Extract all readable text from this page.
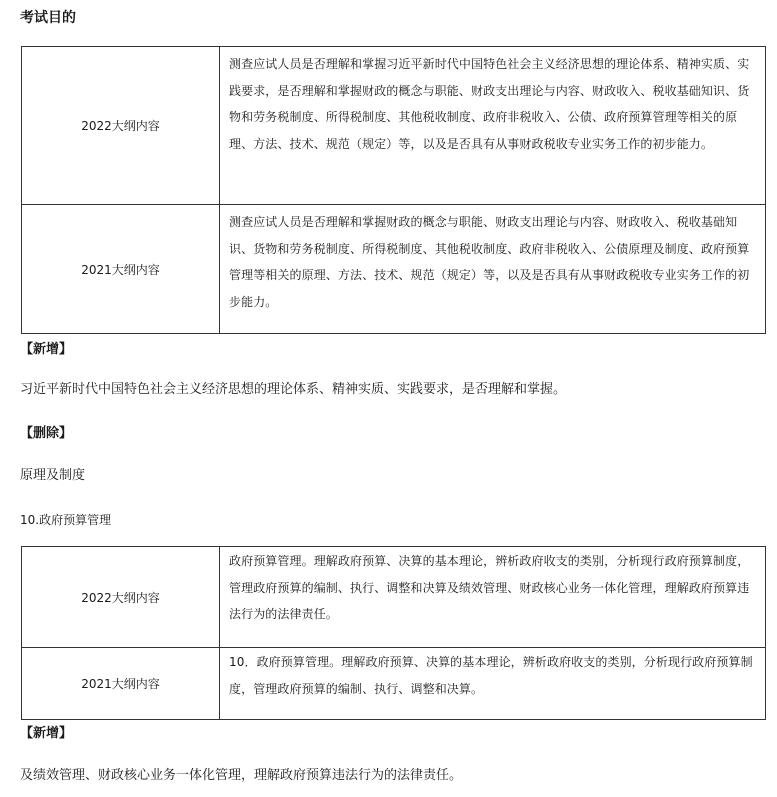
考试目的
2022大纲内容	测查应试人员是否理解和掌握习近平新时代中国特色社会主义经济思想的理论体系、精神实质、实践要求，是否理解和掌握财政的概念与职能、财政支出理论与内容、财政收入、税收基础知识、货物和劳务税制度、所得税制度、其他税收制度、政府非税收入、公债、政府预算管理等相关的原理、方法、技术、规范（规定）等，以及是否具有从事财政税收专业实务工作的初步能力。
2021大纲内容	测查应试人员是否理解和掌握财政的概念与职能、财政支出理论与内容、财政收入、税收基础知识、货物和劳务税制度、所得税制度、其他税收制度、政府非税收入、公债原理及制度、政府预算管理等相关的原理、方法、技术、规范（规定）等，以及是否具有从事财政税收专业实务工作的初步能力。
【新增】
习近平新时代中国特色社会主义经济思想的理论体系、精神实质、实践要求，是否理解和掌握。
【删除】
原理及制度
10.政府预算管理
2022大纲内容	政府预算管理。理解政府预算、决算的基本理论，辨析政府收支的类别，分析现行政府预算制度，管理政府预算的编制、执行、调整和决算及绩效管理、财政核心业务一体化管理，理解政府预算违法行为的法律责任。
2021大纲内容	10．政府预算管理。理解政府预算、决算的基本理论，辨析政府收支的类别，分析现行政府预算制度，管理政府预算的编制、执行、调整和决算。
【新增】
及绩效管理、财政核心业务一体化管理，理解政府预算违法行为的法律责任。
